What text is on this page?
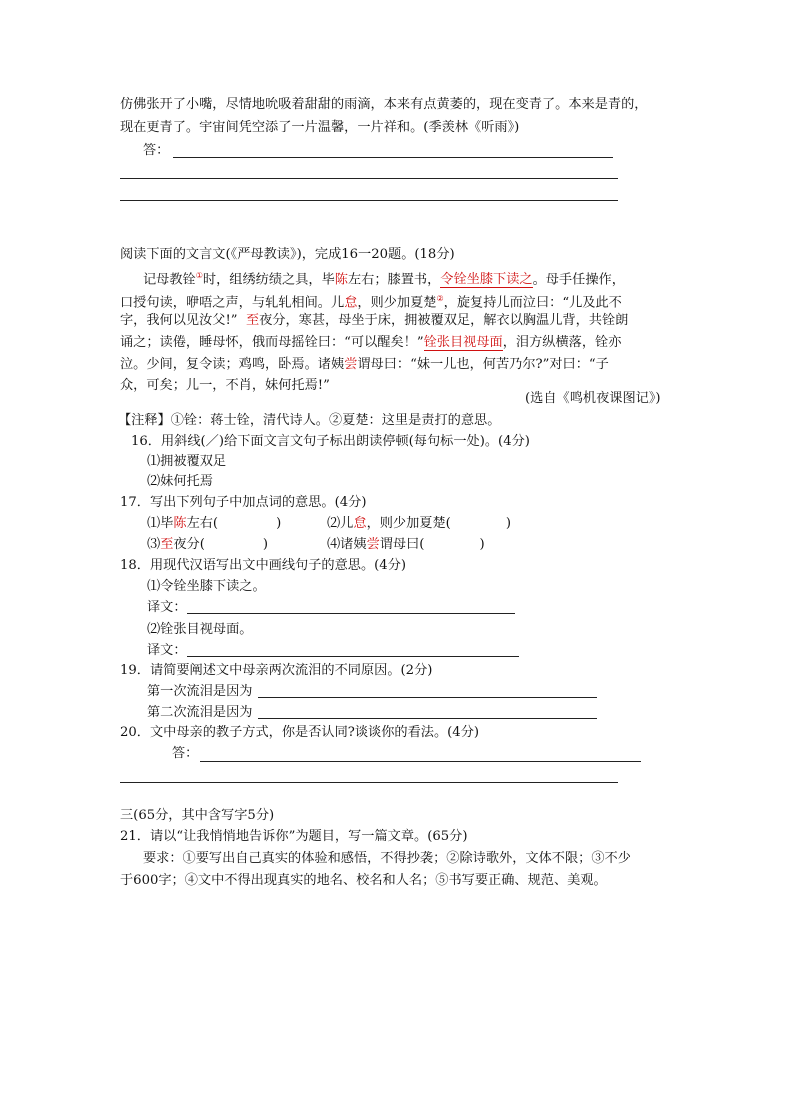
仿佛张开了小嘴，尽情地吮吸着甜甜的雨滴，本来有点黄萎的，现在变青了。本来是青的，
现在更青了。宇宙间凭空添了一片温馨，一片祥和。(季羡林《听雨》)
答：
阅读下面的文言文(《严母教读》)，完成16一20题。(18分)
记母教铨①时，组绣纺绩之具，毕陈左右；膝置书，令铨坐膝下读之。母手任操作，
口授句读，咿唔之声，与轧轧相间。儿怠，则少加夏楚②，旋复持儿而泣曰：“儿及此不
字，我何以见汝父!” 至夜分，寒甚，母坐于床，拥被覆双足，解衣以胸温儿背，共铨朗
诵之；读倦，睡母怀，俄而母摇铨曰：“可以醒矣！”铨张目视母面，泪方纵横落，铨亦
泣。少间，复令读；鸡鸣，卧焉。诸姨尝谓母曰：“妹一儿也，何苦乃尔?”对曰：“子
众，可矣；儿一，不肖，妹何托焉!”
(选自《鸣机夜课图记》)
【注释】①铨：蒋士铨，清代诗人。②夏楚：这里是责打的意思。
16．用斜线(／)给下面文言文句子标出朗读停顿(每句标一处)。(4分)
⑴拥被覆双足
⑵妹何托焉
17．写出下列句子中加点词的意思。(4分)
⑴毕陈左右(	)	⑵儿怠，则少加夏楚(	)
⑶至夜分(	)	⑷诸姨尝谓母曰(	)
18．用现代汉语写出文中画线句子的意思。(4分)
⑴令铨坐膝下读之。
译文：
⑵铨张目视母面。
译文：
19．请简要阐述文中母亲两次流泪的不同原因。(2分)
第一次流泪是因为
第二次流泪是因为
20．文中母亲的教子方式，你是否认同?谈谈你的看法。(4分)
答：
三(65分，其中含写字5分)
21．请以“让我悄悄地告诉你”为题目，写一篇文章。(65分)
要求：①要写出自己真实的体验和感悟，不得抄袭；②除诗歌外，文体不限；③不少
于600字；④文中不得出现真实的地名、校名和人名；⑤书写要正确、规范、美观。
